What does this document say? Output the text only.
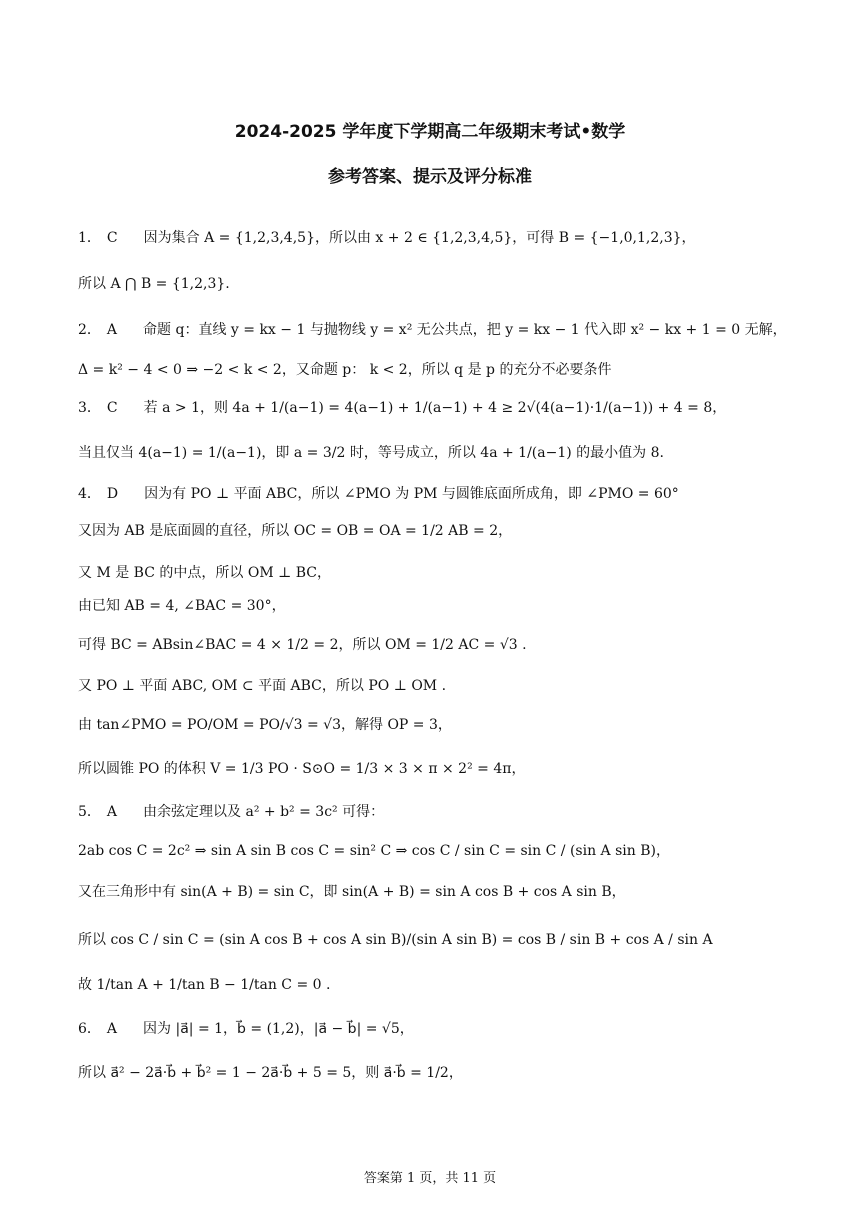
2024-2025 学年度下学期高二年级期末考试•数学
参考答案、提示及评分标准
1． C 因为集合 A = {1,2,3,4,5}，所以由 x + 2 ∈ {1,2,3,4,5}，可得 B = {−1,0,1,2,3}，
所以 A ⋂ B = {1,2,3}.
2． A 命题 q：直线 y = kx − 1 与抛物线 y = x² 无公共点，把 y = kx − 1 代入即 x² − kx + 1 = 0 无解，
Δ = k² − 4 < 0 ⇒ −2 < k < 2，又命题 p： k < 2，所以 q 是 p 的充分不必要条件
3． C 若 a > 1，则 4a + 1/(a−1) = 4(a−1) + 1/(a−1) + 4 ≥ 2√(4(a−1)·1/(a−1)) + 4 = 8，
当且仅当 4(a−1) = 1/(a−1)，即 a = 3/2 时，等号成立，所以 4a + 1/(a−1) 的最小值为 8.
4． D 因为有 PO ⊥ 平面 ABC，所以 ∠PMO 为 PM 与圆锥底面所成角，即 ∠PMO = 60°
又因为 AB 是底面圆的直径，所以 OC = OB = OA = 1/2 AB = 2，
又 M 是 BC 的中点，所以 OM ⊥ BC，
由已知 AB = 4, ∠BAC = 30°，
可得 BC = ABsin∠BAC = 4 × 1/2 = 2，所以 OM = 1/2 AC = √3 .
又 PO ⊥ 平面 ABC, OM ⊂ 平面 ABC，所以 PO ⊥ OM .
由 tan∠PMO = PO/OM = PO/√3 = √3，解得 OP = 3，
所以圆锥 PO 的体积 V = 1/3 PO · S⊙O = 1/3 × 3 × π × 2² = 4π，
5． A 由余弦定理以及 a² + b² = 3c² 可得：
2ab cos C = 2c² ⇒ sin A sin B cos C = sin² C ⇒ cos C / sin C = sin C / (sin A sin B)，
又在三角形中有 sin(A + B) = sin C，即 sin(A + B) = sin A cos B + cos A sin B，
所以 cos C / sin C = (sin A cos B + cos A sin B)/(sin A sin B) = cos B / sin B + cos A / sin A
故 1/tan A + 1/tan B − 1/tan C = 0 .
6． A 因为 |a⃗| = 1，b⃗ = (1,2)，|a⃗ − b⃗| = √5，
所以 a⃗² − 2a⃗·b⃗ + b⃗² = 1 − 2a⃗·b⃗ + 5 = 5，则 a⃗·b⃗ = 1/2，
答案第 1 页，共 11 页
